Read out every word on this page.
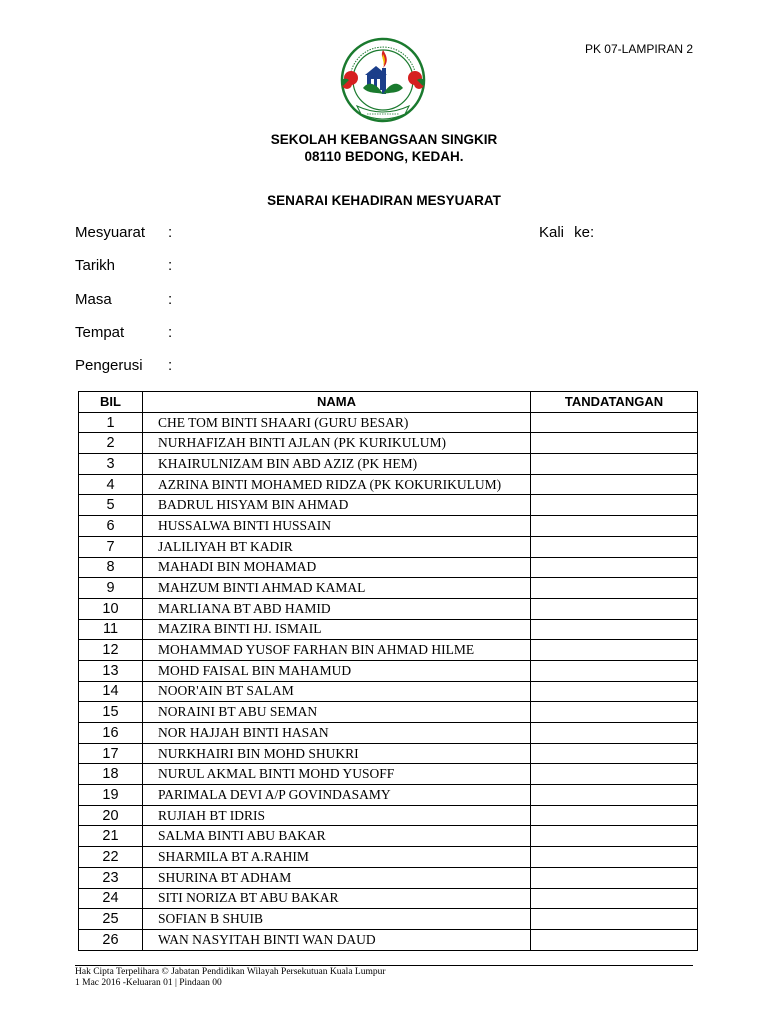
PK 07-LAMPIRAN 2
SEKOLAH KEBANGSAAN SINGKIR
08110 BEDONG, KEDAH.
SENARAI KEHADIRAN MESYUARAT
Mesyuarat :
Tarikh	:
Masa	:
Tempat	:
Pengerusi :
Kali ke:
BIL	NAMA	TANDATANGAN
1	CHE TOM BINTI SHAARI (GURU BESAR)	
2	NURHAFIZAH BINTI AJLAN (PK KURIKULUM)	
3	KHAIRULNIZAM BIN ABD AZIZ (PK HEM)	
4	AZRINA BINTI MOHAMED RIDZA (PK KOKURIKULUM)	
5	BADRUL HISYAM BIN AHMAD	
6	HUSSALWA BINTI HUSSAIN	
7	JALILIYAH BT KADIR	
8	MAHADI BIN MOHAMAD	
9	MAHZUM BINTI AHMAD KAMAL	
10	MARLIANA BT ABD HAMID	
11	MAZIRA BINTI HJ. ISMAIL	
12	MOHAMMAD YUSOF FARHAN BIN AHMAD HILME	
13	MOHD FAISAL BIN MAHAMUD	
14	NOOR'AIN BT SALAM	
15	NORAINI BT ABU SEMAN	
16	NOR HAJJAH BINTI HASAN	
17	NURKHAIRI BIN MOHD SHUKRI	
18	NURUL AKMAL BINTI MOHD YUSOFF	
19	PARIMALA DEVI A/P GOVINDASAMY	
20	RUJIAH BT IDRIS	
21	SALMA BINTI ABU BAKAR	
22	SHARMILA BT A.RAHIM	
23	SHURINA BT ADHAM	
24	SITI NORIZA BT ABU BAKAR	
25	SOFIAN B SHUIB	
26	WAN NASYITAH BINTI WAN DAUD	
Hak Cipta Terpelihara © Jabatan Pendidikan Wilayah Persekutuan Kuala Lumpur
1 Mac 2016 -Keluaran 01 | Pindaan 00
